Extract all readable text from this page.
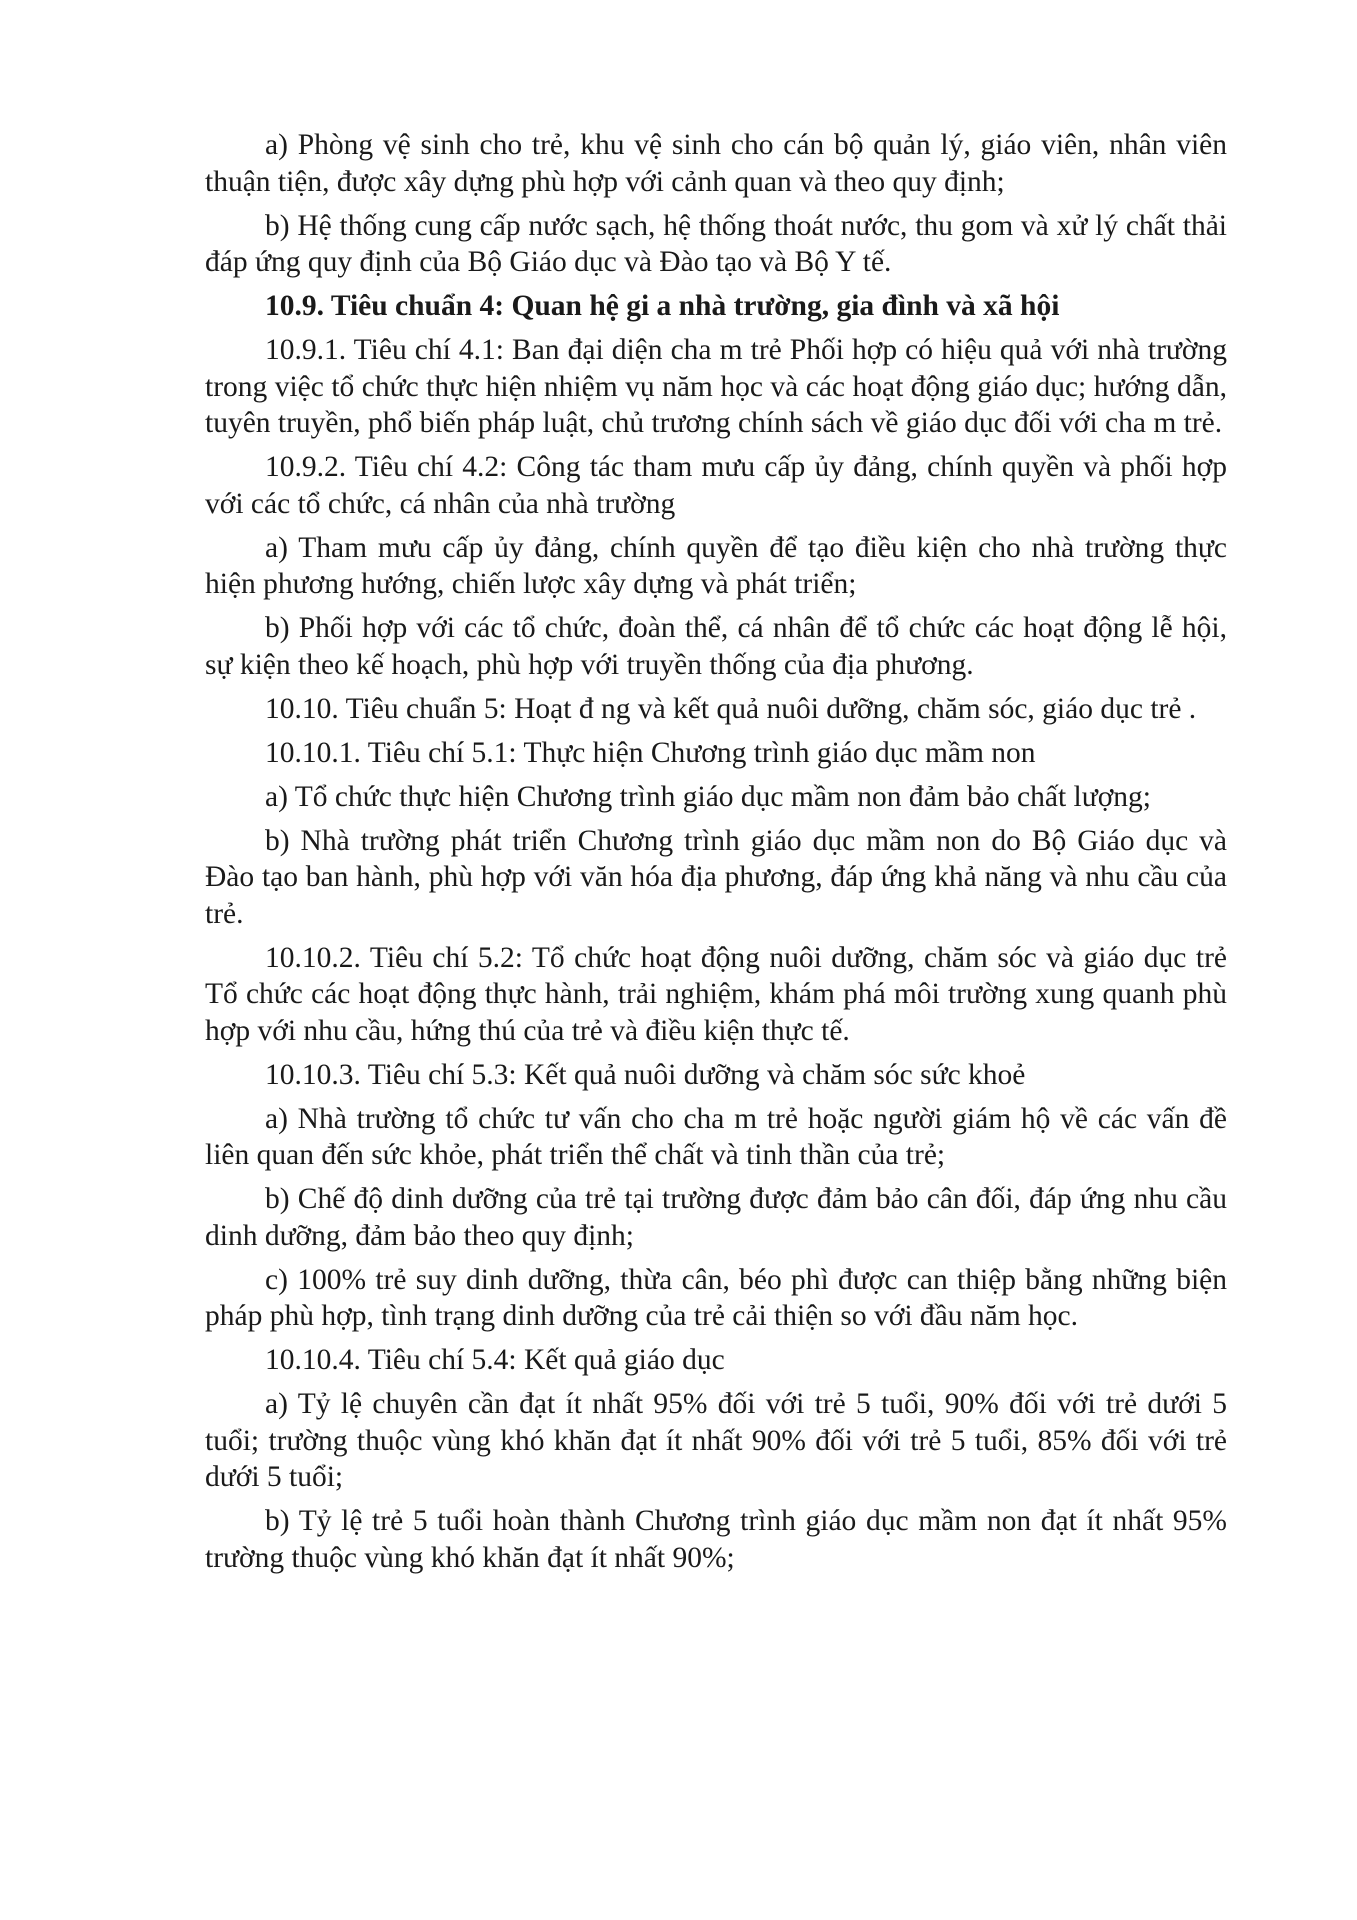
a) Phòng vệ sinh cho trẻ, khu vệ sinh cho cán bộ quản lý, giáo viên, nhân viên thuận tiện, được xây dựng phù hợp với cảnh quan và theo quy định;

b) Hệ thống cung cấp nước sạch, hệ thống thoát nước, thu gom và xử lý chất thải đáp ứng quy định của Bộ Giáo dục và Đào tạo và Bộ Y tế.

10.9. Tiêu chuẩn 4: Quan hệ gi a nhà trường, gia đình và xã hội

10.9.1. Tiêu chí 4.1: Ban đại diện cha m trẻ Phối hợp có hiệu quả với nhà trường trong việc tổ chức thực hiện nhiệm vụ năm học và các hoạt động giáo dục; hướng dẫn, tuyên truyền, phổ biến pháp luật, chủ trương chính sách về giáo dục đối với cha m trẻ.

10.9.2. Tiêu chí 4.2: Công tác tham mưu cấp ủy đảng, chính quyền và phối hợp với các tổ chức, cá nhân của nhà trường

a) Tham mưu cấp ủy đảng, chính quyền để tạo điều kiện cho nhà trường thực hiện phương hướng, chiến lược xây dựng và phát triển;

b) Phối hợp với các tổ chức, đoàn thể, cá nhân để tổ chức các hoạt động lễ hội, sự kiện theo kế hoạch, phù hợp với truyền thống của địa phương.

10.10. Tiêu chuẩn 5: Hoạt đ ng và kết quả nuôi dưỡng, chăm sóc, giáo dục trẻ .

10.10.1. Tiêu chí 5.1: Thực hiện Chương trình giáo dục mầm non

a) Tổ chức thực hiện Chương trình giáo dục mầm non đảm bảo chất lượng;

b) Nhà trường phát triển Chương trình giáo dục mầm non do Bộ Giáo dục và Đào tạo ban hành, phù hợp với văn hóa địa phương, đáp ứng khả năng và nhu cầu của trẻ.

10.10.2. Tiêu chí 5.2: Tổ chức hoạt động nuôi dưỡng, chăm sóc và giáo dục trẻ Tổ chức các hoạt động thực hành, trải nghiệm, khám phá môi trường xung quanh phù hợp với nhu cầu, hứng thú của trẻ và điều kiện thực tế.

10.10.3. Tiêu chí 5.3: Kết quả nuôi dưỡng và chăm sóc sức khoẻ

a) Nhà trường tổ chức tư vấn cho cha m trẻ hoặc người giám hộ về các vấn đề liên quan đến sức khỏe, phát triển thể chất và tinh thần của trẻ;

b) Chế độ dinh dưỡng của trẻ tại trường được đảm bảo cân đối, đáp ứng nhu cầu dinh dưỡng, đảm bảo theo quy định;

c) 100% trẻ suy dinh dưỡng, thừa cân, béo phì được can thiệp bằng những biện pháp phù hợp, tình trạng dinh dưỡng của trẻ cải thiện so với đầu năm học.

10.10.4. Tiêu chí 5.4: Kết quả giáo dục

a) Tỷ lệ chuyên cần đạt ít nhất 95% đối với trẻ 5 tuổi, 90% đối với trẻ dưới 5 tuổi; trường thuộc vùng khó khăn đạt ít nhất 90% đối với trẻ 5 tuổi, 85% đối với trẻ dưới 5 tuổi;

b) Tỷ lệ trẻ 5 tuổi hoàn thành Chương trình giáo dục mầm non đạt ít nhất 95% trường thuộc vùng khó khăn đạt ít nhất 90%;
